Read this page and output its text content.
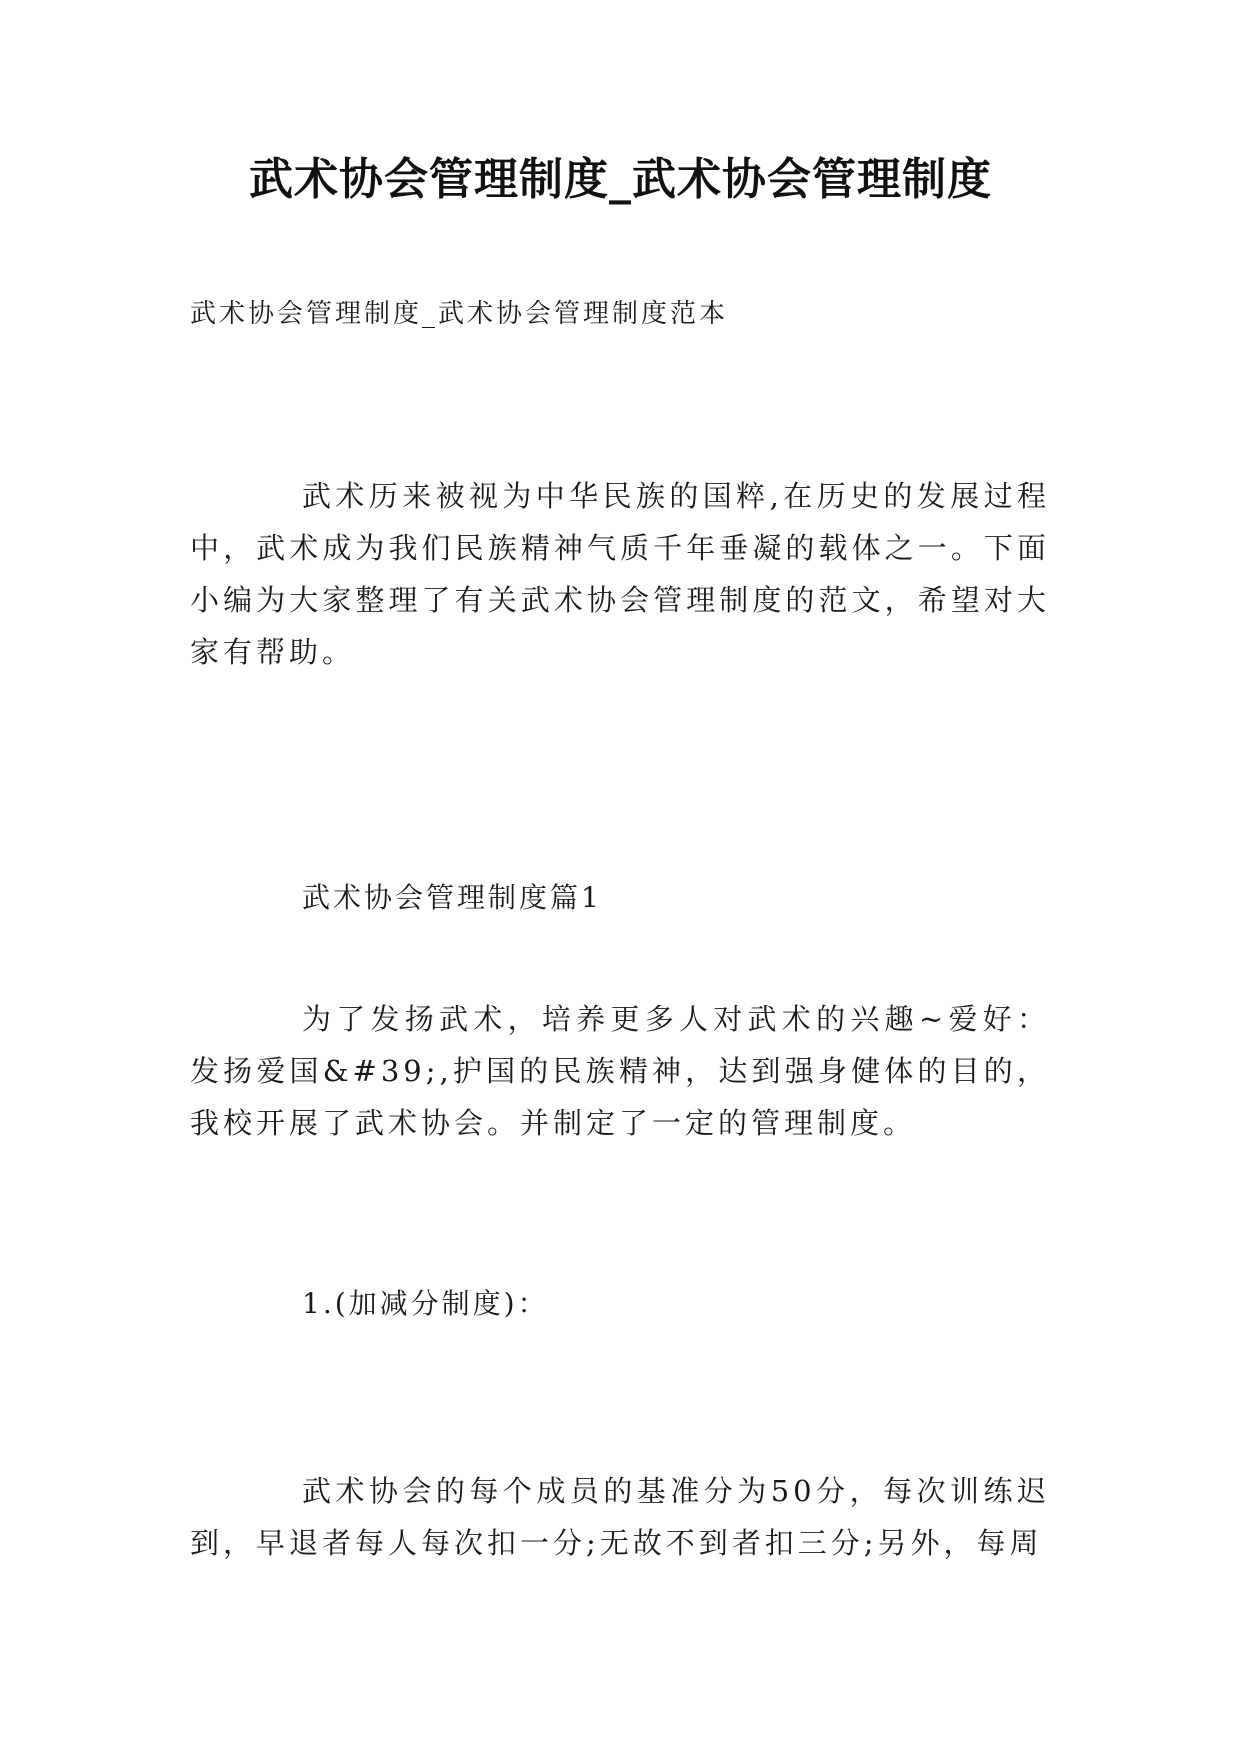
武术协会管理制度_武术协会管理制度
武术协会管理制度_武术协会管理制度范本
武术历来被视为中华民族的国粹,在历史的发展过程中，武术成为我们民族精神气质千年垂凝的载体之一。下面小编为大家整理了有关武术协会管理制度的范文，希望对大家有帮助。
武术协会管理制度篇1
为了发扬武术，培养更多人对武术的兴趣~爱好：发扬爱国&#39;,护国的民族精神，达到强身健体的目的，我校开展了武术协会。并制定了一定的管理制度。
1.(加减分制度)：
武术协会的每个成员的基准分为50分，每次训练迟到，早退者每人每次扣一分;无故不到者扣三分;另外，每周
